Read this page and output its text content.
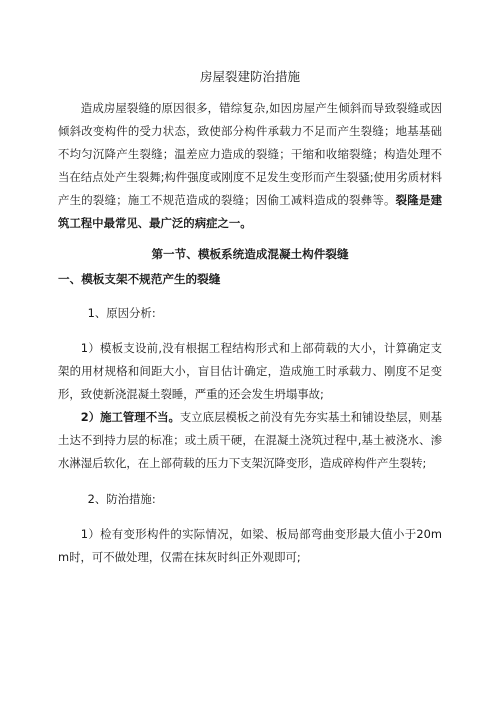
房屋裂建防治措施

造成房屋裂缝的原因很多，错综复杂,如因房屋产生倾斜而导致裂缝或因倾斜改变构件的受力状态，致使部分构件承载力不足而产生裂缝；地基基础不均匀沉降产生裂缝；温差应力造成的裂缝；干缩和收缩裂缝；构造处理不当在结点处产生裂舞;构件强度或刚度不足发生变形而产生裂骚;使用劣质材料产生的裂缝；施工不规范造成的裂缝；因偷工减料造成的裂彝等。裂隆是建筑工程中最常见、最广泛的病症之一。

第一节、模板系统造成混凝土构件裂缝
一、模板支架不规范产生的裂缝

1、原因分析:

1）模板支设前,没有根据工程结构形式和上部荷载的大小，计算确定支架的用材规格和间距大小，盲目估计确定，造成施工时承载力、刚度不足变形，致使新浇混凝土裂睡，严重的还会发生坍塌事故;

2）施工管理不当。支立底层模板之前没有先夯实基土和铺设垫层，则基土达不到持力层的标准；或土质干硬，在混凝土浇筑过程中,基土被浇水、渗水淋湿后软化，在上部荷载的压力下支架沉降变形，造成碎构件产生裂转;

2、防治措施:

1）检有变形构件的实际情况，如梁、板局部弯曲变形最大值小于20mm时，可不做处理，仅需在抹灰时纠正外观即可;
